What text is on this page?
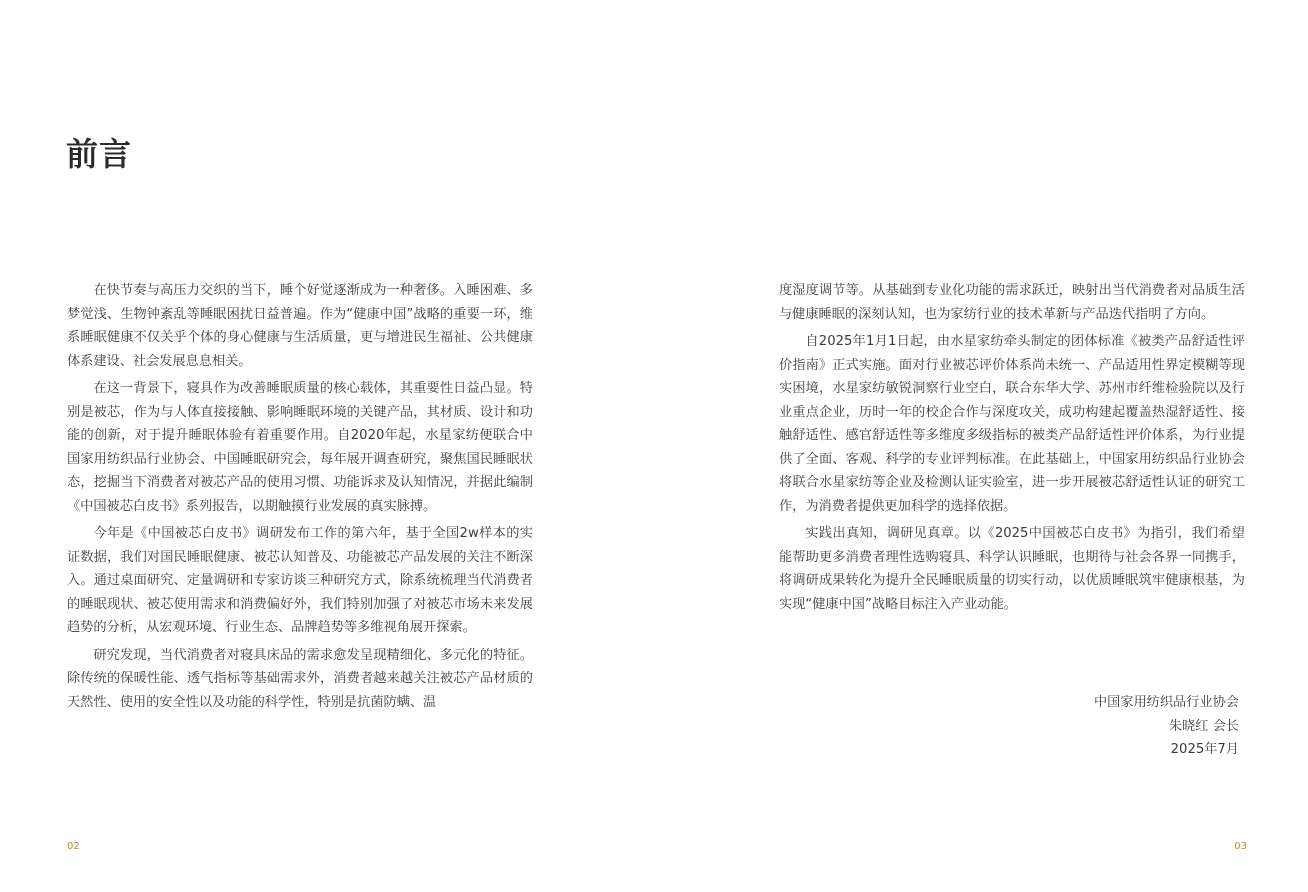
前言

在快节奏与高压力交织的当下，睡个好觉逐渐成为一种奢侈。入睡困难、多梦觉浅、生物钟紊乱等睡眠困扰日益普遍。作为“健康中国”战略的重要一环，维系睡眠健康不仅关乎个体的身心健康与生活质量，更与增进民生福祉、公共健康体系建设、社会发展息息相关。

在这一背景下，寝具作为改善睡眠质量的核心载体，其重要性日益凸显。特别是被芯，作为与人体直接接触、影响睡眠环境的关键产品，其材质、设计和功能的创新，对于提升睡眠体验有着重要作用。自2020年起，水星家纺便联合中国家用纺织品行业协会、中国睡眠研究会，每年展开调查研究，聚焦国民睡眠状态，挖掘当下消费者对被芯产品的使用习惯、功能诉求及认知情况，并据此编制《中国被芯白皮书》系列报告，以期触摸行业发展的真实脉搏。

今年是《中国被芯白皮书》调研发布工作的第六年，基于全国2w样本的实证数据，我们对国民睡眠健康、被芯认知普及、功能被芯产品发展的关注不断深入。通过桌面研究、定量调研和专家访谈三种研究方式，除系统梳理当代消费者的睡眠现状、被芯使用需求和消费偏好外，我们特别加强了对被芯市场未来发展趋势的分析，从宏观环境、行业生态、品牌趋势等多维视角展开探索。

研究发现，当代消费者对寝具床品的需求愈发呈现精细化、多元化的特征。除传统的保暖性能、透气指标等基础需求外，消费者越来越关注被芯产品材质的天然性、使用的安全性以及功能的科学性，特别是抗菌防螨、温

度湿度调节等。从基础到专业化功能的需求跃迁，映射出当代消费者对品质生活与健康睡眠的深刻认知，也为家纺行业的技术革新与产品迭代指明了方向。

自2025年1月1日起，由水星家纺牵头制定的团体标准《被类产品舒适性评价指南》正式实施。面对行业被芯评价体系尚未统一、产品适用性界定模糊等现实困境，水星家纺敏锐洞察行业空白，联合东华大学、苏州市纤维检验院以及行业重点企业，历时一年的校企合作与深度攻关，成功构建起覆盖热湿舒适性、接触舒适性、感官舒适性等多维度多级指标的被类产品舒适性评价体系，为行业提供了全面、客观、科学的专业评判标准。在此基础上，中国家用纺织品行业协会将联合水星家纺等企业及检测认证实验室，进一步开展被芯舒适性认证的研究工作，为消费者提供更加科学的选择依据。

实践出真知，调研见真章。以《2025中国被芯白皮书》为指引，我们希望能帮助更多消费者理性选购寝具、科学认识睡眠，也期待与社会各界一同携手，将调研成果转化为提升全民睡眠质量的切实行动，以优质睡眠筑牢健康根基，为实现“健康中国”战略目标注入产业动能。

中国家用纺织品行业协会
朱晓红 会长
2025年7月
02	03
